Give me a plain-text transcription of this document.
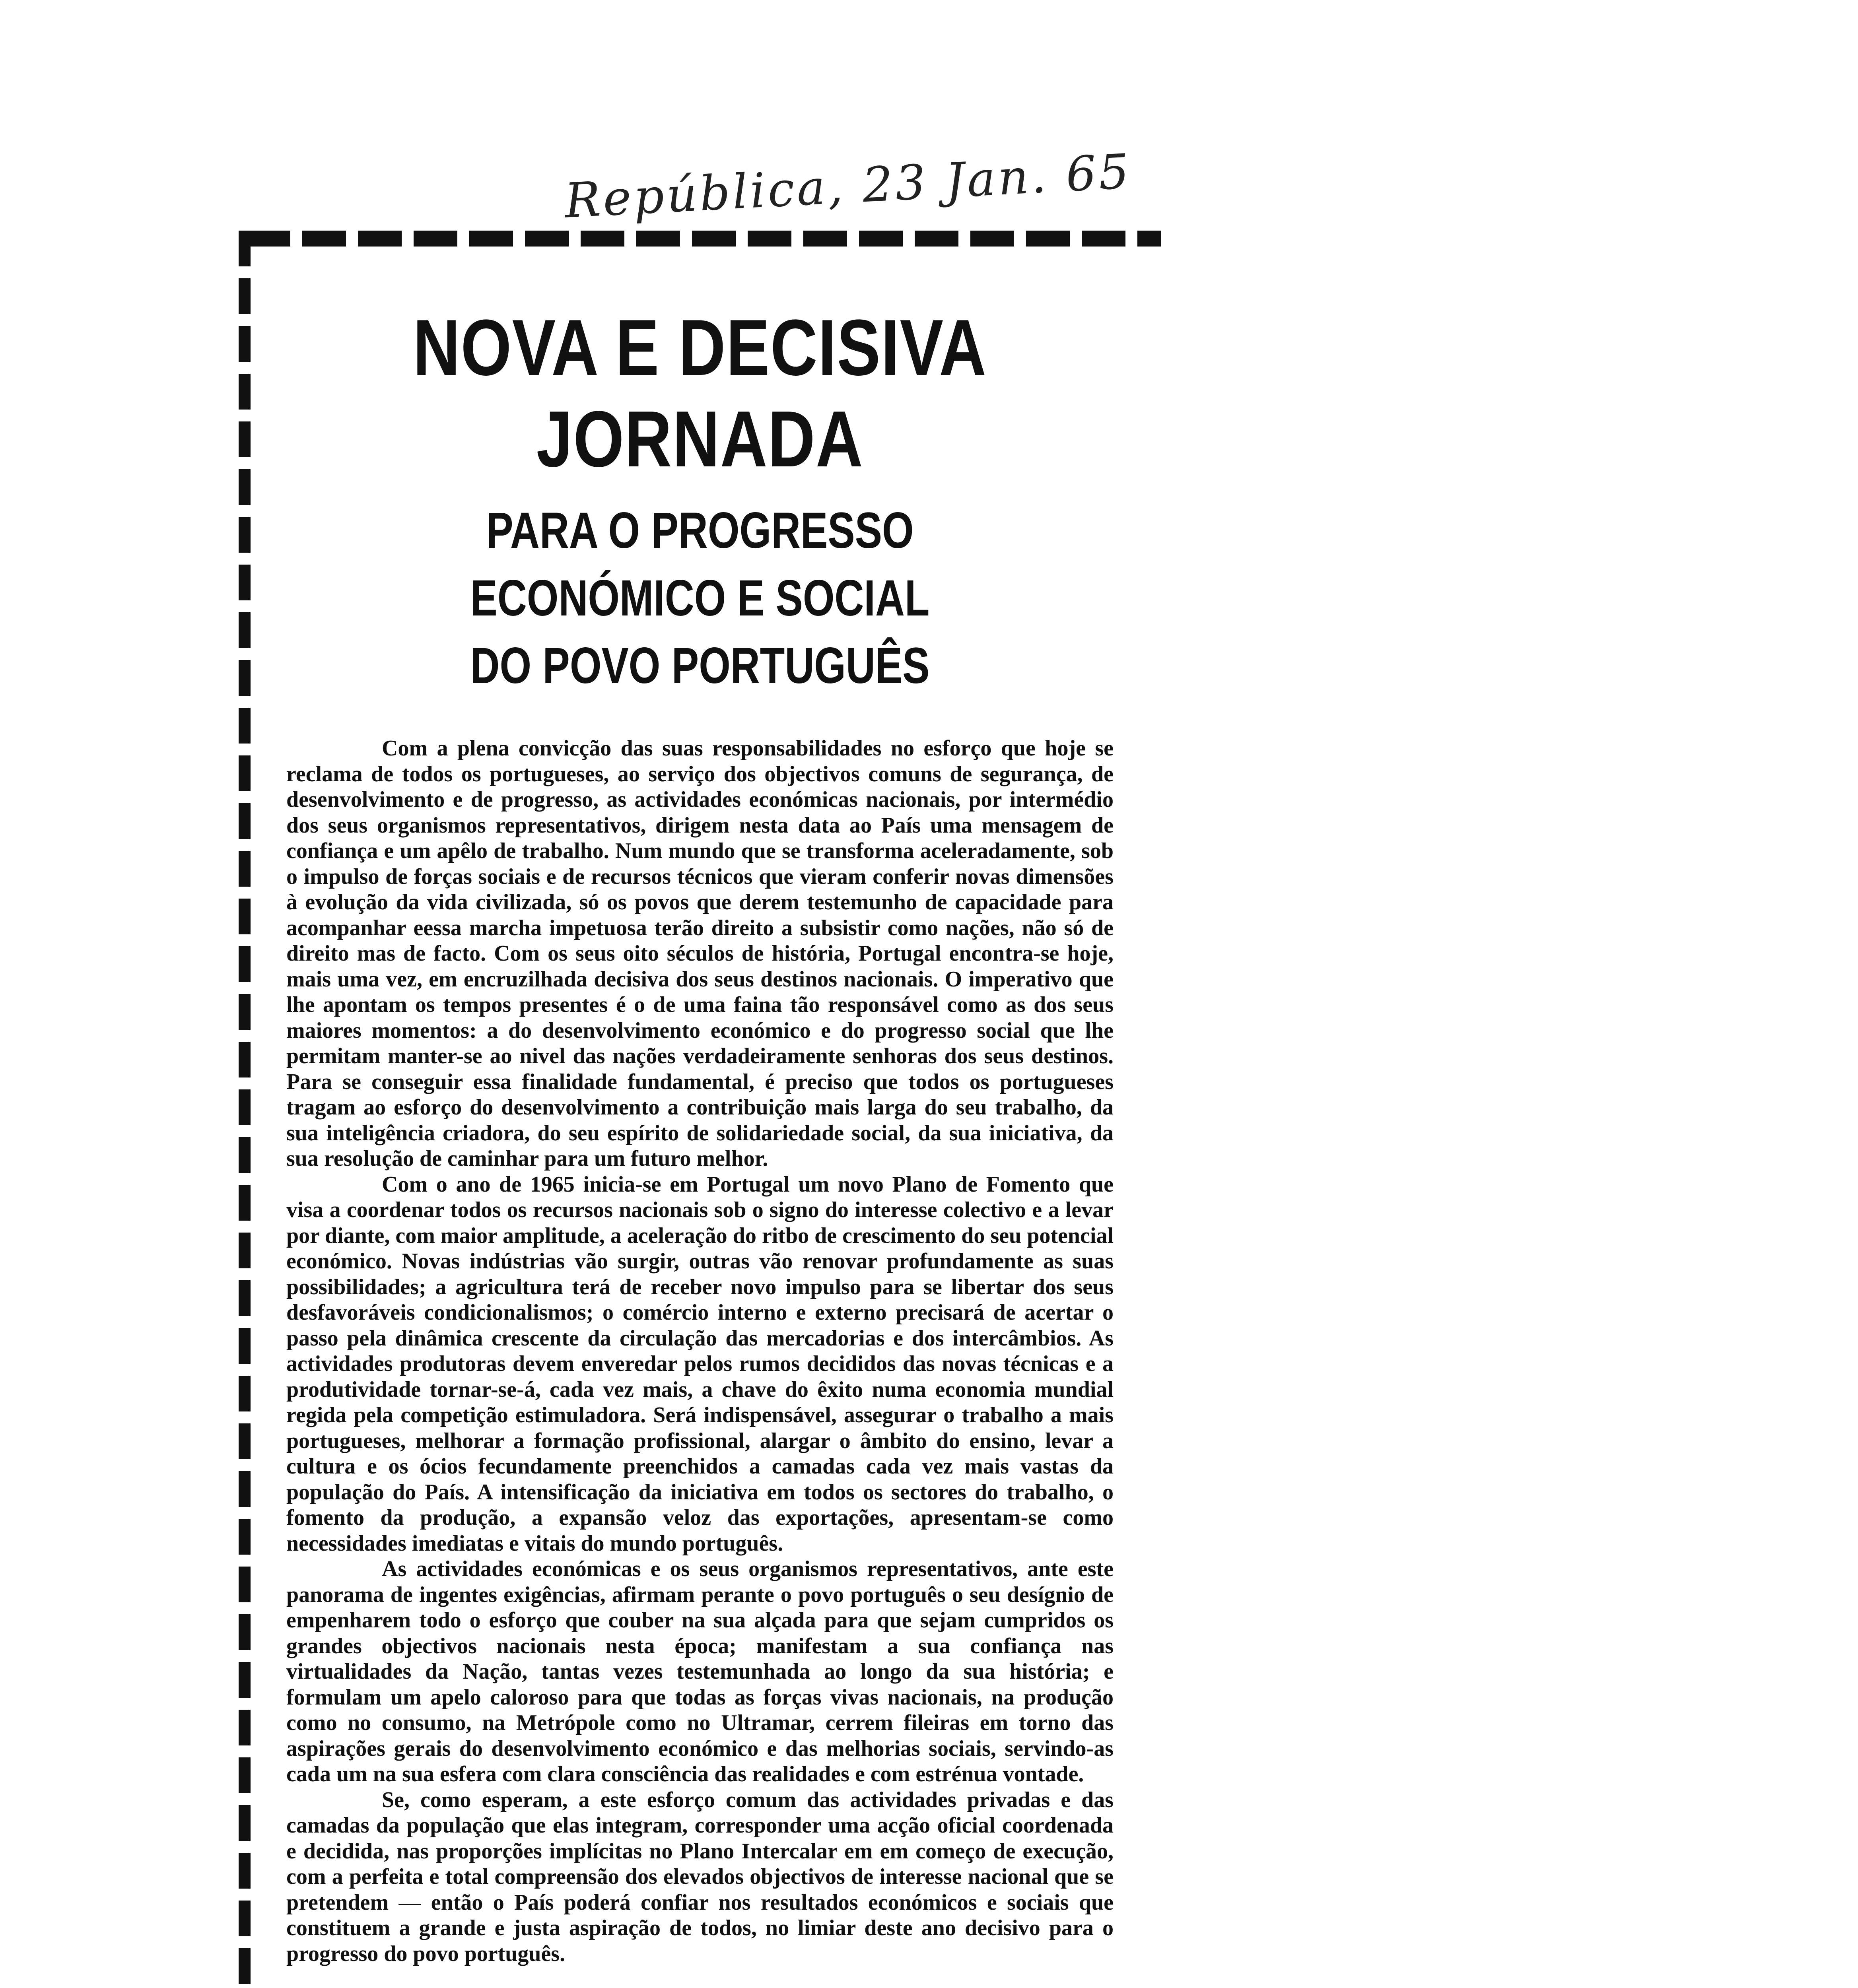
República, 23 Jan. 65
NOVA E DECISIVA JORNADA
PARA O PROGRESSO ECONÓMICO E SOCIAL
DO POVO PORTUGUÊS

Com a plena convicção das suas responsabilidades no esforço que hoje se reclama de todos os portugueses, ao serviço dos objectivos comuns de segurança, de desenvolvimento e de progresso, as actividades económicas nacionais, por intermédio dos seus organismos representativos, dirigem nesta data ao País uma mensagem de confiança e um apêlo de trabalho. Num mundo que se transforma aceleradamente, sob o impulso de forças sociais e de recursos técnicos que vieram conferir novas dimensões à evolução da vida civilizada, só os povos que derem testemunho de capacidade para acompanhar eessa marcha impetuosa terão direito a subsistir como nações, não só de direito mas de facto. Com os seus oito séculos de história, Portugal encontra-se hoje, mais uma vez, em encruzilhada decisiva dos seus destinos nacionais. O imperativo que lhe apontam os tempos presentes é o de uma faina tão responsável como as dos seus maiores momentos: a do desenvolvimento económico e do progresso social que lhe permitam manter-se ao nivel das nações verdadeiramente senhoras dos seus destinos. Para se conseguir essa finalidade fundamental, é preciso que todos os portugueses tragam ao esforço do desenvolvimento a contribuição mais larga do seu trabalho, da sua inteligência criadora, do seu espírito de solidariedade social, da sua iniciativa, da sua resolução de caminhar para um futuro melhor.

Com o ano de 1965 inicia-se em Portugal um novo Plano de Fomento que visa a coordenar todos os recursos nacionais sob o signo do interesse colectivo e a levar por diante, com maior amplitude, a aceleração do ritbo de crescimento do seu potencial económico. Novas indústrias vão surgir, outras vão renovar profundamente as suas possibilidades; a agricultura terá de receber novo impulso para se libertar dos seus desfavoráveis condicionalismos; o comércio interno e externo precisará de acertar o passo pela dinâmica crescente da circulação das mercadorias e dos intercâmbios. As actividades produtoras devem enveredar pelos rumos decididos das novas técnicas e a produtividade tornar-se-á, cada vez mais, a chave do êxito numa economia mundial regida pela competição estimuladora. Será indispensável, assegurar o trabalho a mais portugueses, melhorar a formação profissional, alargar o âmbito do ensino, levar a cultura e os ócios fecundamente preenchidos a camadas cada vez mais vastas da população do País. A intensificação da iniciativa em todos os sectores do trabalho, o fomento da produção, a expansão veloz das exportações, apresentam-se como necessidades imediatas e vitais do mundo português.

As actividades económicas e os seus organismos representativos, ante este panorama de ingentes exigências, afirmam perante o povo português o seu desígnio de empenharem todo o esforço que couber na sua alçada para que sejam cumpridos os grandes objectivos nacionais nesta época; manifestam a sua confiança nas virtualidades da Nação, tantas vezes testemunhada ao longo da sua história; e formulam um apelo caloroso para que todas as forças vivas nacionais, na produção como no consumo, na Metrópole como no Ultramar, cerrem fileiras em torno das aspirações gerais do desenvolvimento económico e das melhorias sociais, servindo-as cada um na sua esfera com clara consciência das realidades e com estrénua vontade.

Se, como esperam, a este esforço comum das actividades privadas e das camadas da população que elas integram, corresponder uma acção oficial coordenada e decidida, nas proporções implícitas no Plano Intercalar em em começo de execução, com a perfeita e total compreensão dos elevados objectivos de interesse nacional que se pretendem — então o País poderá confiar nos resultados económicos e sociais que constituem a grande e justa aspiração de todos, no limiar deste ano decisivo para o progresso do povo português.
